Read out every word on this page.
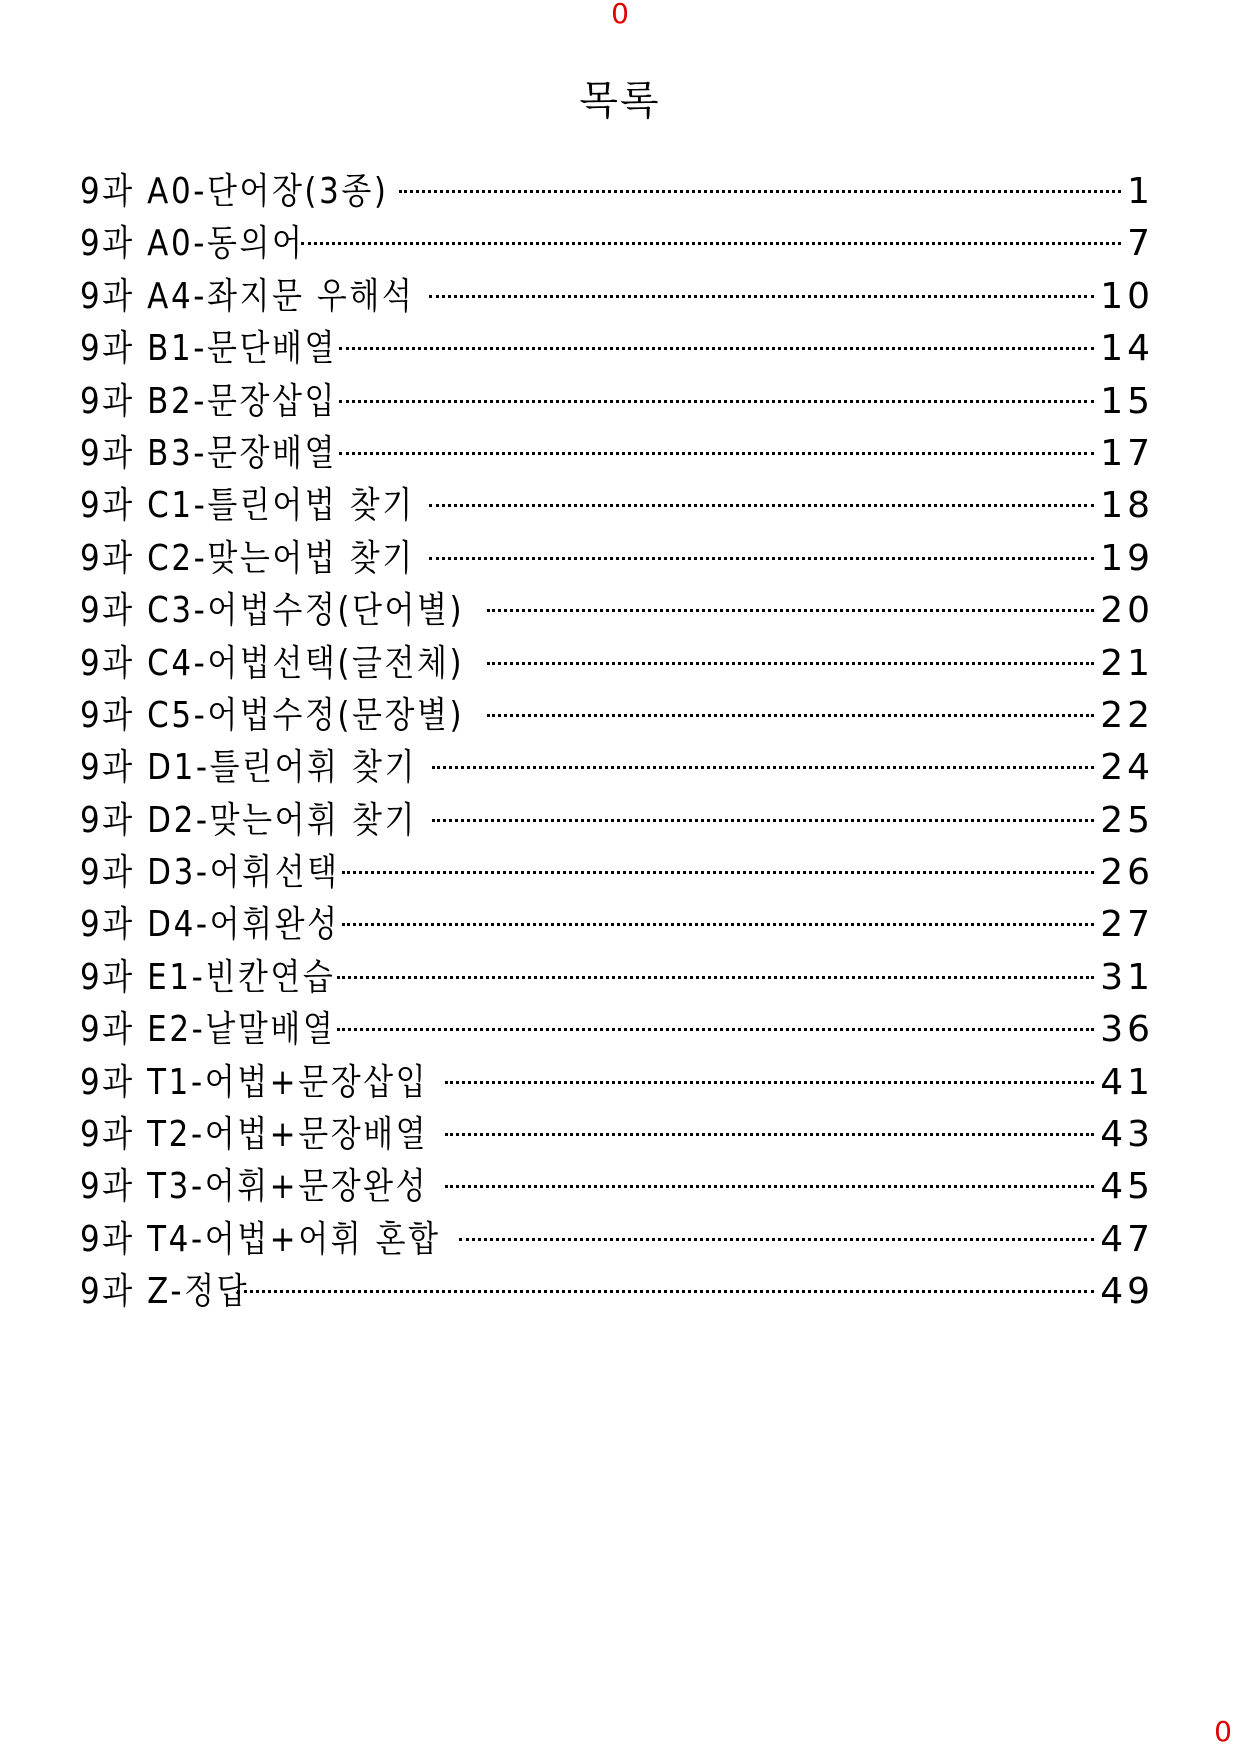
0
목록
9과 A0-단어장(3종)	1
9과 A0-동의어	7
9과 A4-좌지문 우해석	10
9과 B1-문단배열	14
9과 B2-문장삽입	15
9과 B3-문장배열	17
9과 C1-틀린어법 찾기	18
9과 C2-맞는어법 찾기	19
9과 C3-어법수정(단어별)	20
9과 C4-어법선택(글전체)	21
9과 C5-어법수정(문장별)	22
9과 D1-틀린어휘 찾기	24
9과 D2-맞는어휘 찾기	25
9과 D3-어휘선택	26
9과 D4-어휘완성	27
9과 E1-빈칸연습	31
9과 E2-낱말배열	36
9과 T1-어법+문장삽입	41
9과 T2-어법+문장배열	43
9과 T3-어휘+문장완성	45
9과 T4-어법+어휘 혼합	47
9과 Z-정답	49
0
